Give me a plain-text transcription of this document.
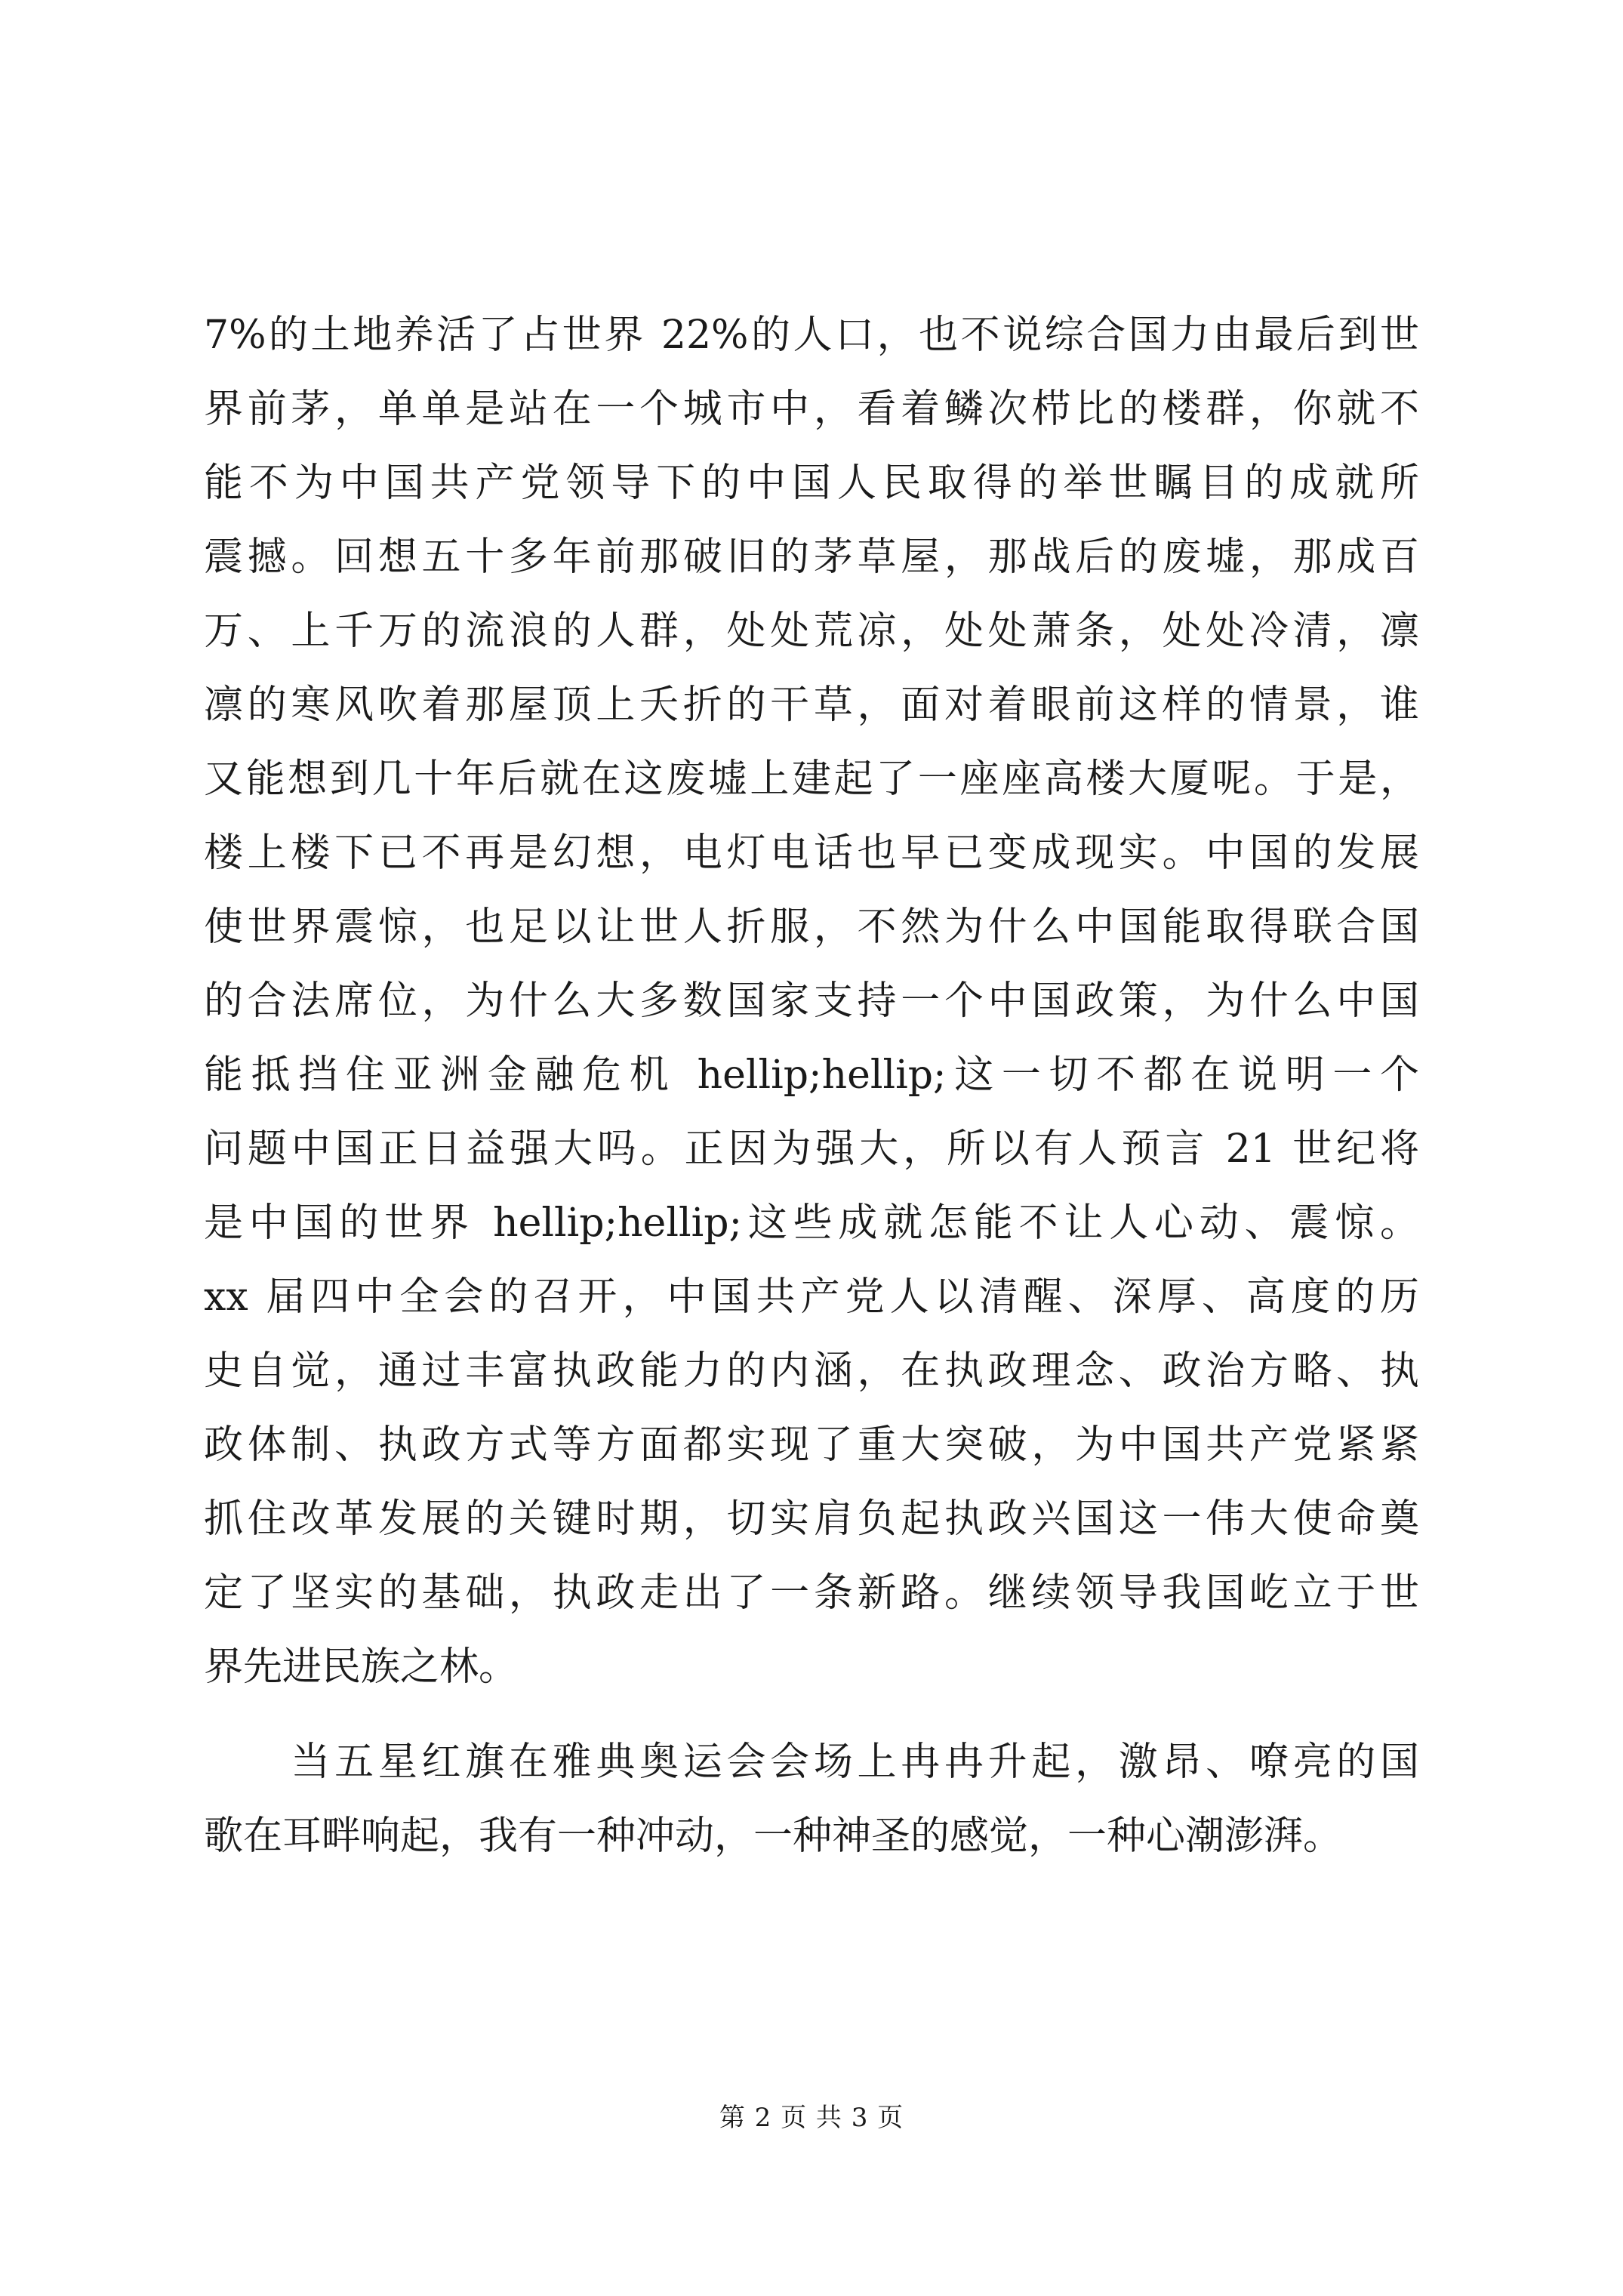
7%的土地养活了占世界 22%的人口，也不说综合国力由最后到世
界前茅，单单是站在一个城市中，看着鳞次栉比的楼群，你就不
能不为中国共产党领导下的中国人民取得的举世瞩目的成就所
震撼。回想五十多年前那破旧的茅草屋，那战后的废墟，那成百
万、上千万的流浪的人群，处处荒凉，处处萧条，处处冷清，凛
凛的寒风吹着那屋顶上夭折的干草，面对着眼前这样的情景，谁
又能想到几十年后就在这废墟上建起了一座座高楼大厦呢。于是，
楼上楼下已不再是幻想，电灯电话也早已变成现实。中国的发展
使世界震惊，也足以让世人折服，不然为什么中国能取得联合国
的合法席位，为什么大多数国家支持一个中国政策，为什么中国
能抵挡住亚洲金融危机 hellip;hellip;这一切不都在说明一个
问题中国正日益强大吗。正因为强大，所以有人预言 21 世纪将
是中国的世界 hellip;hellip;这些成就怎能不让人心动、震惊。
xx 届四中全会的召开，中国共产党人以清醒、深厚、高度的历
史自觉，通过丰富执政能力的内涵，在执政理念、政治方略、执
政体制、执政方式等方面都实现了重大突破，为中国共产党紧紧
抓住改革发展的关键时期，切实肩负起执政兴国这一伟大使命奠
定了坚实的基础，执政走出了一条新路。继续领导我国屹立于世
界先进民族之林。
　　当五星红旗在雅典奥运会会场上冉冉升起，激昂、嘹亮的国
歌在耳畔响起，我有一种冲动，一种神圣的感觉，一种心潮澎湃。
第 2 页 共 3 页
